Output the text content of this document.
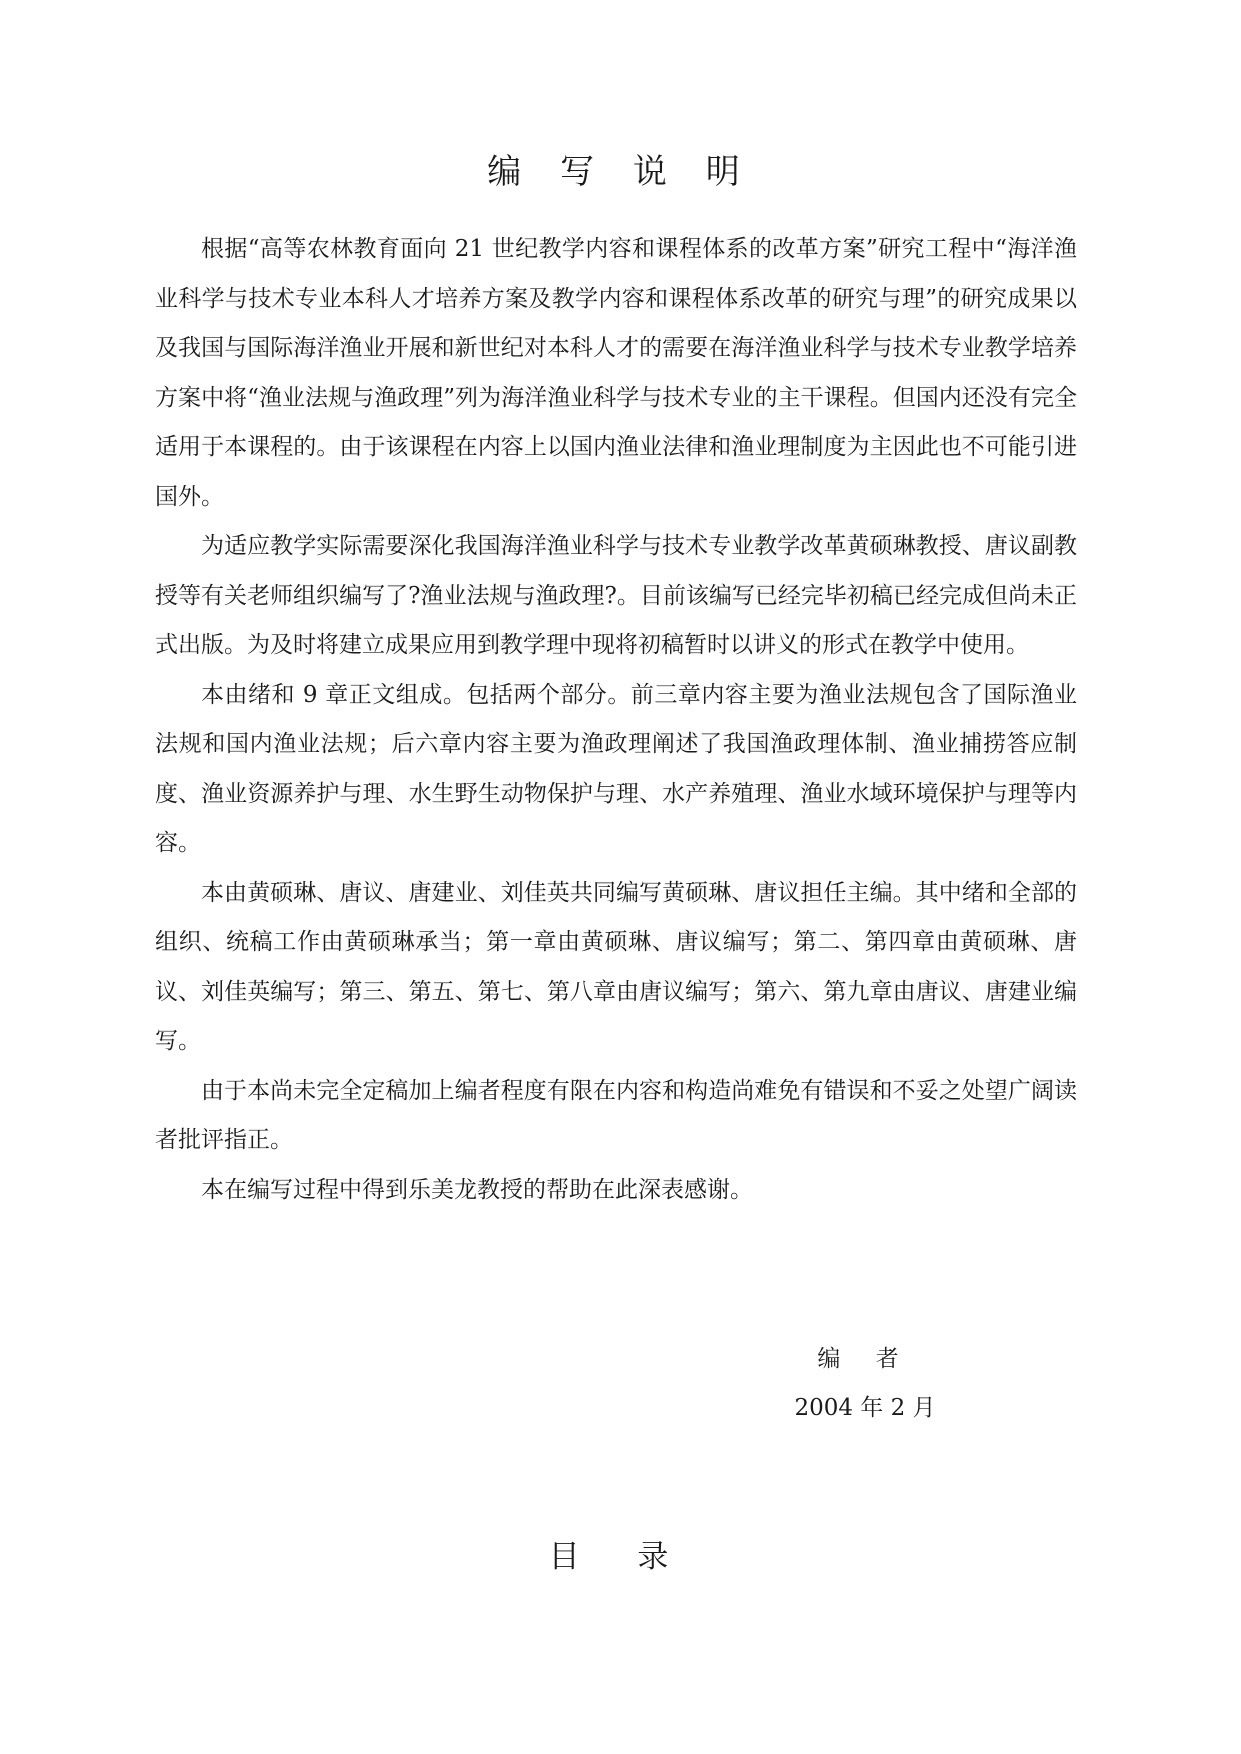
编 写 说 明

根据“高等农林教育面向 21 世纪教学内容和课程体系的改革方案”研究工程中“海洋渔业科学与技术专业本科人才培养方案及教学内容和课程体系改革的研究与理”的研究成果以及我国与国际海洋渔业开展和新世纪对本科人才的需要在海洋渔业科学与技术专业教学培养方案中将“渔业法规与渔政理”列为海洋渔业科学与技术专业的主干课程。但国内还没有完全适用于本课程的。由于该课程在内容上以国内渔业法律和渔业理制度为主因此也不可能引进国外。

为适应教学实际需要深化我国海洋渔业科学与技术专业教学改革黄硕琳教授、唐议副教授等有关老师组织编写了?渔业法规与渔政理?。目前该编写已经完毕初稿已经完成但尚未正式出版。为及时将建立成果应用到教学理中现将初稿暂时以讲义的形式在教学中使用。

本由绪和 9 章正文组成。包括两个部分。前三章内容主要为渔业法规包含了国际渔业法规和国内渔业法规；后六章内容主要为渔政理阐述了我国渔政理体制、渔业捕捞答应制度、渔业资源养护与理、水生野生动物保护与理、水产养殖理、渔业水域环境保护与理等内容。

本由黄硕琳、唐议、唐建业、刘佳英共同编写黄硕琳、唐议担任主编。其中绪和全部的组织、统稿工作由黄硕琳承当；第一章由黄硕琳、唐议编写；第二、第四章由黄硕琳、唐议、刘佳英编写；第三、第五、第七、第八章由唐议编写；第六、第九章由唐议、唐建业编写。

由于本尚未完全定稿加上编者程度有限在内容和构造尚难免有错误和不妥之处望广阔读者批评指正。

本在编写过程中得到乐美龙教授的帮助在此深表感谢。

编 者
2004 年 2 月
目 录
